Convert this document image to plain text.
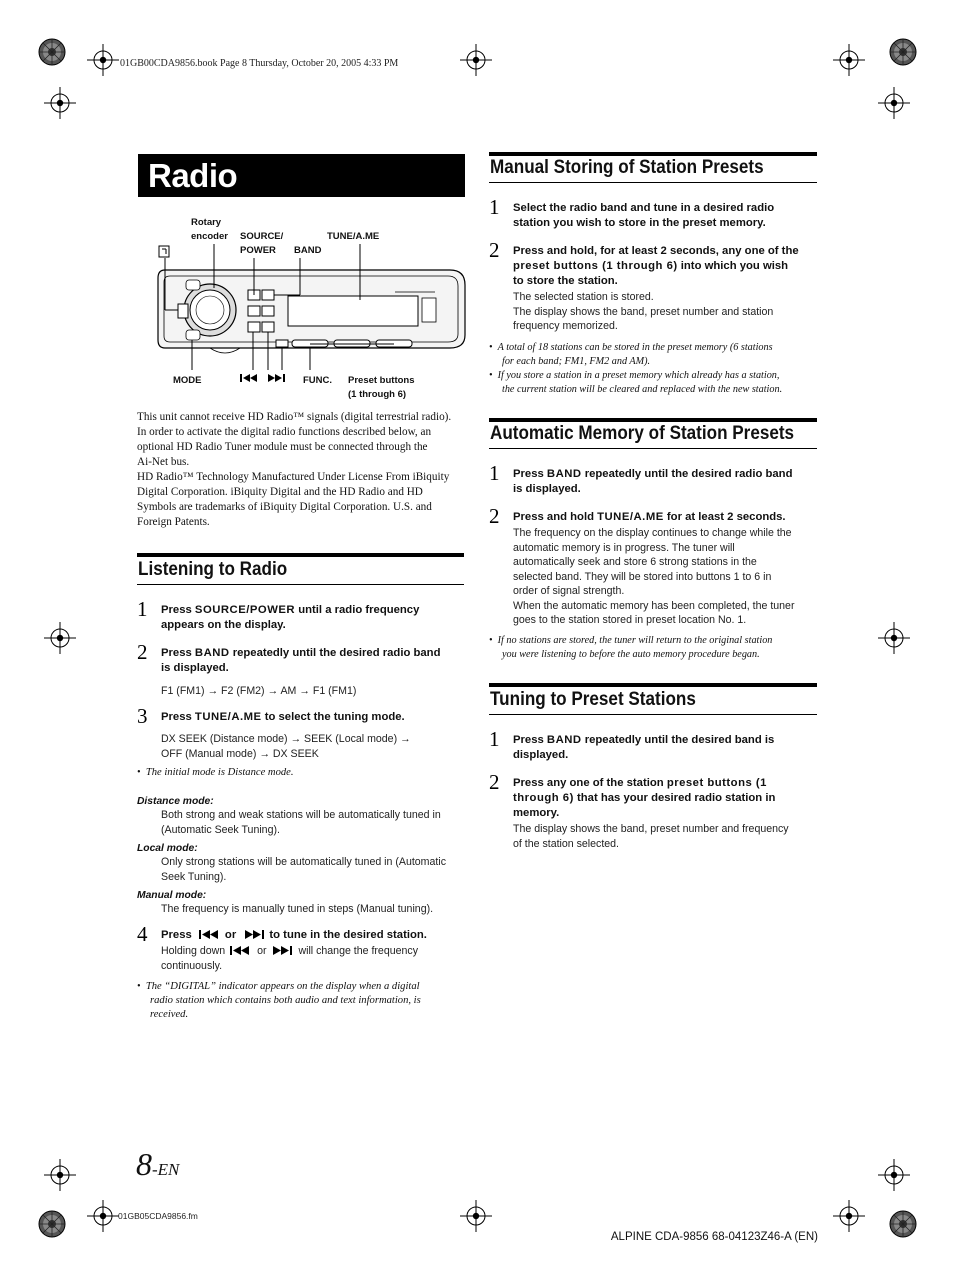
01GB00CDA9856.book Page 8 Thursday, October 20, 2005 4:33 PM
Radio
Rotary
encoder SOURCE/
POWER BAND
TUNE/A.ME
MODE	FUNC. Preset buttons
(1 through 6)
This unit cannot receive HD Radio™ signals (digital terrestrial radio).
In order to activate the digital radio functions described below, an
optional HD Radio Tuner module must be connected through the
Ai-Net bus.
HD Radio™ Technology Manufactured Under License From iBiquity
Digital Corporation. iBiquity Digital and the HD Radio and HD
Symbols are trademarks of iBiquity Digital Corporation. U.S. and
Foreign Patents.
Listening to Radio
1 Press SOURCE/POWER until a radio frequency
appears on the display.
2 Press BAND repeatedly until the desired radio band
is displayed.
F1 (FM1) → F2 (FM2) → AM → F1 (FM1)
3 Press TUNE/A.ME to select the tuning mode.
DX SEEK (Distance mode) → SEEK (Local mode) →
OFF (Manual mode) → DX SEEK
• The initial mode is Distance mode.
Distance mode:
Both strong and weak stations will be automatically tuned in
(Automatic Seek Tuning).
Local mode:
Only strong stations will be automatically tuned in (Automatic
Seek Tuning).
Manual mode:
The frequency is manually tuned in steps (Manual tuning).
4 Press	or	to tune in the desired station.
Holding down	or	will change the frequency
continuously.
• The “DIGITAL” indicator appears on the display when a digital
radio station which contains both audio and text information, is
received.
Manual Storing of Station Presets
1 Select the radio band and tune in a desired radio
station you wish to store in the preset memory.
2 Press and hold, for at least 2 seconds, any one of the
preset buttons (1 through 6) into which you wish
to store the station.
The selected station is stored.
The display shows the band, preset number and station
frequency memorized.
• A total of 18 stations can be stored in the preset memory (6 stations
for each band; FM1, FM2 and AM).
• If you store a station in a preset memory which already has a station,
the current station will be cleared and replaced with the new station.
Automatic Memory of Station Presets
1 Press BAND repeatedly until the desired radio band
is displayed.
2 Press and hold TUNE/A.ME for at least 2 seconds.
The frequency on the display continues to change while the
automatic memory is in progress. The tuner will
automatically seek and store 6 strong stations in the
selected band. They will be stored into buttons 1 to 6 in
order of signal strength.
When the automatic memory has been completed, the tuner
goes to the station stored in preset location No. 1.
• If no stations are stored, the tuner will return to the original station
you were listening to before the auto memory procedure began.
Tuning to Preset Stations
1 Press BAND repeatedly until the desired band is
displayed.
2 Press any one of the station preset buttons (1
through 6) that has your desired radio station in
memory.
The display shows the band, preset number and frequency
of the station selected.
8-EN
01GB05CDA9856.fm
ALPINE CDA-9856 68-04123Z46-A (EN)
